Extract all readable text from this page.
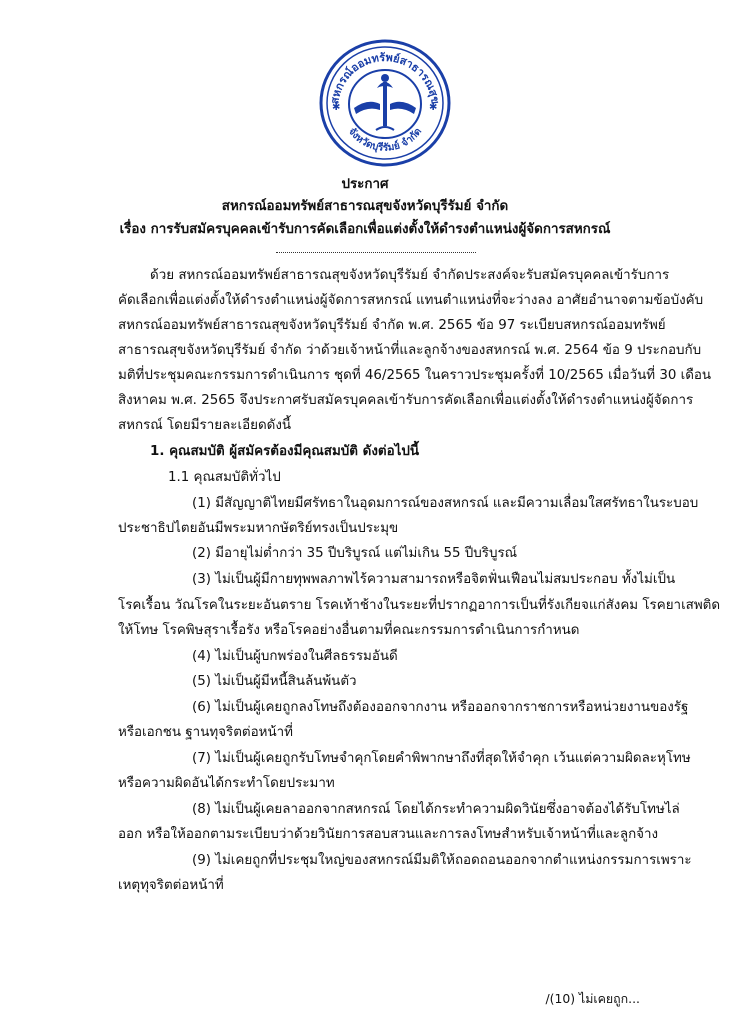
สหกรณ์ออมทรัพย์สาธารณสุข
จังหวัดบุรีรัมย์ จำกัด
✱	✱
ประกาศ
สหกรณ์ออมทรัพย์สาธารณสุขจังหวัดบุรีรัมย์ จำกัด
เรื่อง การรับสมัครบุคคลเข้ารับการคัดเลือกเพื่อแต่งตั้งให้ดำรงตำแหน่งผู้จัดการสหกรณ์
ด้วย สหกรณ์ออมทรัพย์สาธารณสุขจังหวัดบุรีรัมย์ จำกัดประสงค์จะรับสมัครบุคคลเข้ารับการ
คัดเลือกเพื่อแต่งตั้งให้ดำรงตำแหน่งผู้จัดการสหกรณ์ แทนตำแหน่งที่จะว่างลง อาศัยอำนาจตามข้อบังคับ
สหกรณ์ออมทรัพย์สาธารณสุขจังหวัดบุรีรัมย์ จำกัด พ.ศ. 2565 ข้อ 97 ระเบียบสหกรณ์ออมทรัพย์
สาธารณสุขจังหวัดบุรีรัมย์ จำกัด ว่าด้วยเจ้าหน้าที่และลูกจ้างของสหกรณ์ พ.ศ. 2564 ข้อ 9 ประกอบกับ
มติที่ประชุมคณะกรรมการดำเนินการ ชุดที่ 46/2565 ในคราวประชุมครั้งที่ 10/2565 เมื่อวันที่ 30 เดือน
สิงหาคม พ.ศ. 2565 จึงประกาศรับสมัครบุคคลเข้ารับการคัดเลือกเพื่อแต่งตั้งให้ดำรงตำแหน่งผู้จัดการ
สหกรณ์ โดยมีรายละเอียดดังนี้
1. คุณสมบัติ ผู้สมัครต้องมีคุณสมบัติ ดังต่อไปนี้
1.1 คุณสมบัติทั่วไป
(1) มีสัญญาติไทยมีศรัทธาในอุดมการณ์ของสหกรณ์ และมีความเลื่อมใสศรัทธาในระบอบ
ประชาธิปไตยอันมีพระมหากษัตริย์ทรงเป็นประมุข
(2) มีอายุไม่ต่ำกว่า 35 ปีบริบูรณ์ แต่ไม่เกิน 55 ปีบริบูรณ์
(3) ไม่เป็นผู้มีกายทุพพลภาพไร้ความสามารถหรือจิตฟั่นเฟือนไม่สมประกอบ ทั้งไม่เป็น
โรคเรื้อน วัณโรคในระยะอันตราย โรคเท้าช้างในระยะที่ปรากฏอาการเป็นที่รังเกียจแก่สังคม โรคยาเสพติด
ให้โทษ โรคพิษสุราเรื้อรัง หรือโรคอย่างอื่นตามที่คณะกรรมการดำเนินการกำหนด
(4) ไม่เป็นผู้บกพร่องในศีลธรรมอันดี
(5) ไม่เป็นผู้มีหนี้สินล้นพ้นตัว
(6) ไม่เป็นผู้เคยถูกลงโทษถึงต้องออกจากงาน หรือออกจากราชการหรือหน่วยงานของรัฐ
หรือเอกชน ฐานทุจริตต่อหน้าที่
(7) ไม่เป็นผู้เคยถูกรับโทษจำคุกโดยคำพิพากษาถึงที่สุดให้จำคุก เว้นแต่ความผิดละหุโทษ
หรือความผิดอันได้กระทำโดยประมาท
(8) ไม่เป็นผู้เคยลาออกจากสหกรณ์ โดยได้กระทำความผิดวินัยซึ่งอาจต้องได้รับโทษไล่
ออก หรือให้ออกตามระเบียบว่าด้วยวินัยการสอบสวนและการลงโทษสำหรับเจ้าหน้าที่และลูกจ้าง
(9) ไม่เคยถูกที่ประชุมใหญ่ของสหกรณ์มีมติให้ถอดถอนออกจากตำแหน่งกรรมการเพราะ
เหตุทุจริตต่อหน้าที่
/(10) ไม่เคยถูก...
